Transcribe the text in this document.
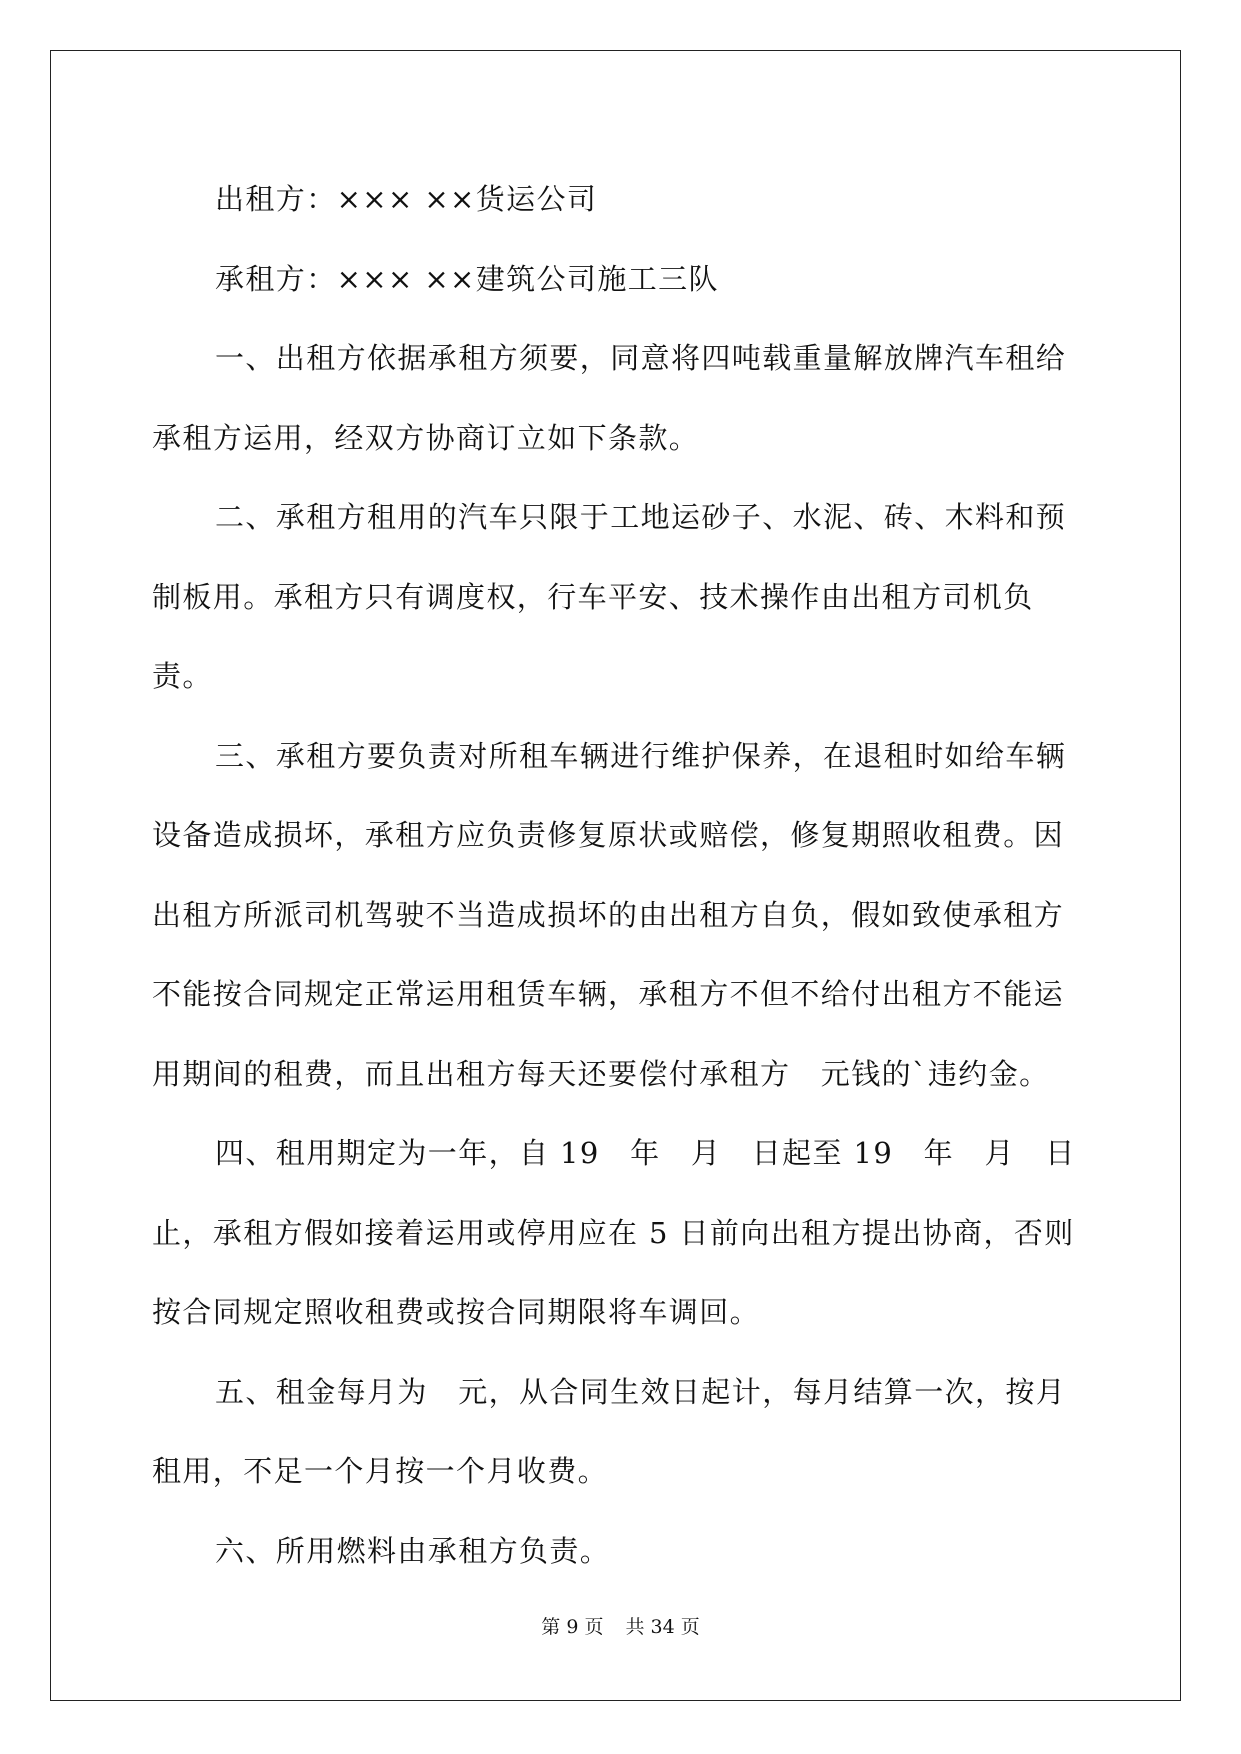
出租方：××× ××货运公司

承租方：××× ××建筑公司施工三队

一、出租方依据承租方须要，同意将四吨载重量解放牌汽车租给承租方运用，经双方协商订立如下条款。

二、承租方租用的汽车只限于工地运砂子、水泥、砖、木料和预制板用。承租方只有调度权，行车平安、技术操作由出租方司机负责。

三、承租方要负责对所租车辆进行维护保养，在退租时如给车辆设备造成损坏，承租方应负责修复原状或赔偿，修复期照收租费。因出租方所派司机驾驶不当造成损坏的由出租方自负，假如致使承租方不能按合同规定正常运用租赁车辆，承租方不但不给付出租方不能运用期间的租费，而且出租方每天还要偿付承租方　元钱的`违约金。

四、租用期定为一年，自 19　年　月　日起至 19　年　月　日止，承租方假如接着运用或停用应在 5 日前向出租方提出协商，否则按合同规定照收租费或按合同期限将车调回。

五、租金每月为　元，从合同生效日起计，每月结算一次，按月租用，不足一个月按一个月收费。

六、所用燃料由承租方负责。

第 9 页 共 34 页
